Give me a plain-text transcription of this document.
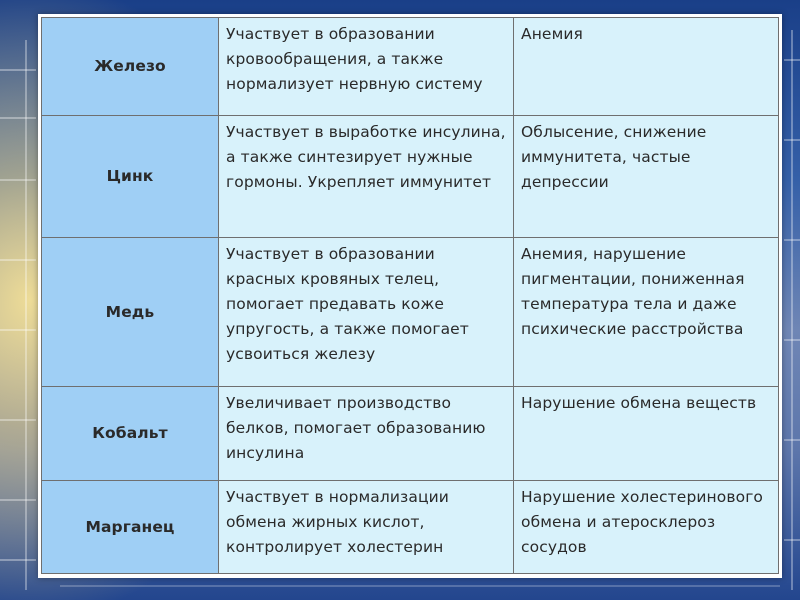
Железо	Участвует в образовании кровообращения, а также нормализует нервную систему	Анемия
Цинк	Участвует в выработке инсулина, а также синтезирует нужные гормоны. Укрепляет иммунитет	Облысение, снижение иммунитета, частые депрессии
Медь	Участвует в образовании красных кровяных телец, помогает предавать коже упругость, а также помогает усвоиться железу	Анемия, нарушение пигментации, пониженная температура тела и даже психические расстройства
Кобальт	Увеличивает производство белков, помогает образованию инсулина	Нарушение обмена веществ
Марганец	Участвует в нормализации обмена жирных кислот, контролирует холестерин	Нарушение холестеринового обмена и атеросклероз сосудов
